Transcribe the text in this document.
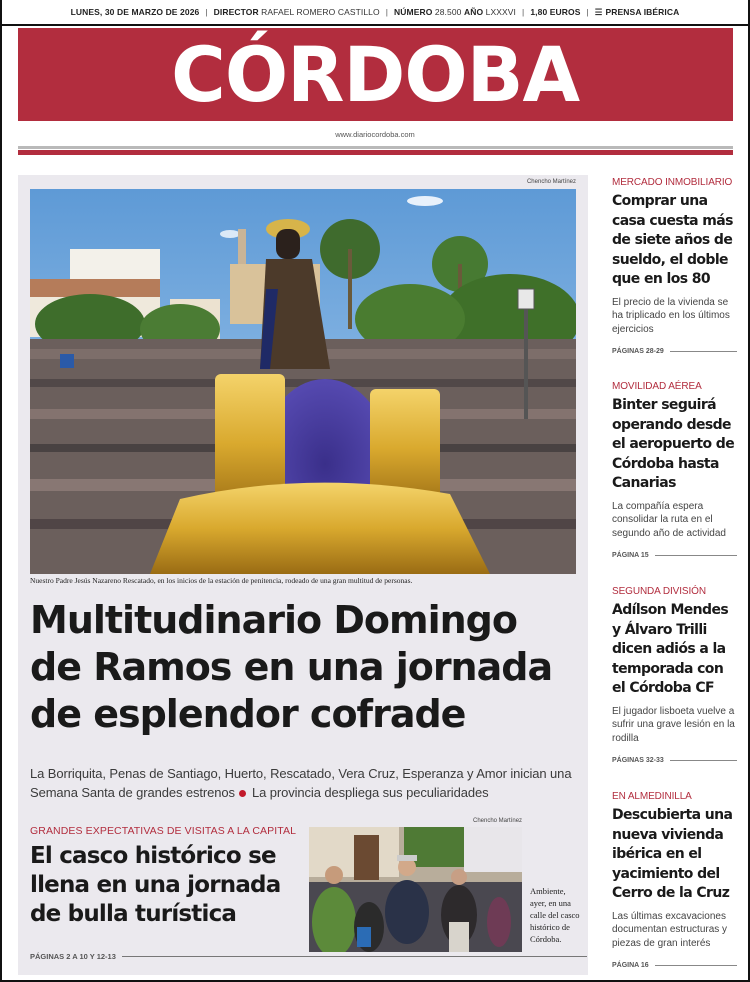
LUNES, 30 DE MARZO DE 2026 | DIRECTOR
RAFAEL ROMERO CASTILLO | NÚMERO
28.500
AÑO
LXXXVI | 1,80 EUROS | ☰ PRENSA IBÉRICA
CÓRDOBA
www.diariocordoba.com
Chencho Martínez
Nuestro Padre Jesús Nazareno Rescatado, en los inicios de la estación de penitencia, rodeado de una gran multitud de personas.
Multitudinario Domingo
de Ramos en una jornada
de esplendor cofrade
La Borriquita, Penas de Santiago, Huerto, Rescatado, Vera Cruz, Esperanza y Amor inician una Semana Santa de grandes estrenos La provincia despliega sus peculiaridades
GRANDES EXPECTATIVAS DE VISITAS A LA CAPITAL
El casco histórico se llena en una jornada de bulla turística
Chencho Martínez
Ambiente, ayer, en una calle del casco histórico de Córdoba.
PÁGINAS 2 A 10 Y 12-13
MERCADO INMOBILIARIO
Comprar una casa cuesta más de siete años de sueldo, el doble que en los 80
El precio de la vivienda se ha triplicado en los últimos ejercicios
PÁGINAS 28-29
MOVILIDAD AÉREA
Binter seguirá operando desde el aeropuerto de Córdoba hasta Canarias
La compañía espera consolidar la ruta en el segundo año de actividad
PÁGINA 15
SEGUNDA DIVISIÓN
Adílson Mendes y Álvaro Trilli dicen adiós a la temporada con el Córdoba CF
El jugador lisboeta vuelve a sufrir una grave lesión en la rodilla
PÁGINAS 32-33
EN ALMEDINILLA
Descubierta una nueva vivienda ibérica en el yacimiento del Cerro de la Cruz
Las últimas excavaciones documentan estructuras y piezas de gran interés
PÁGINA 16
